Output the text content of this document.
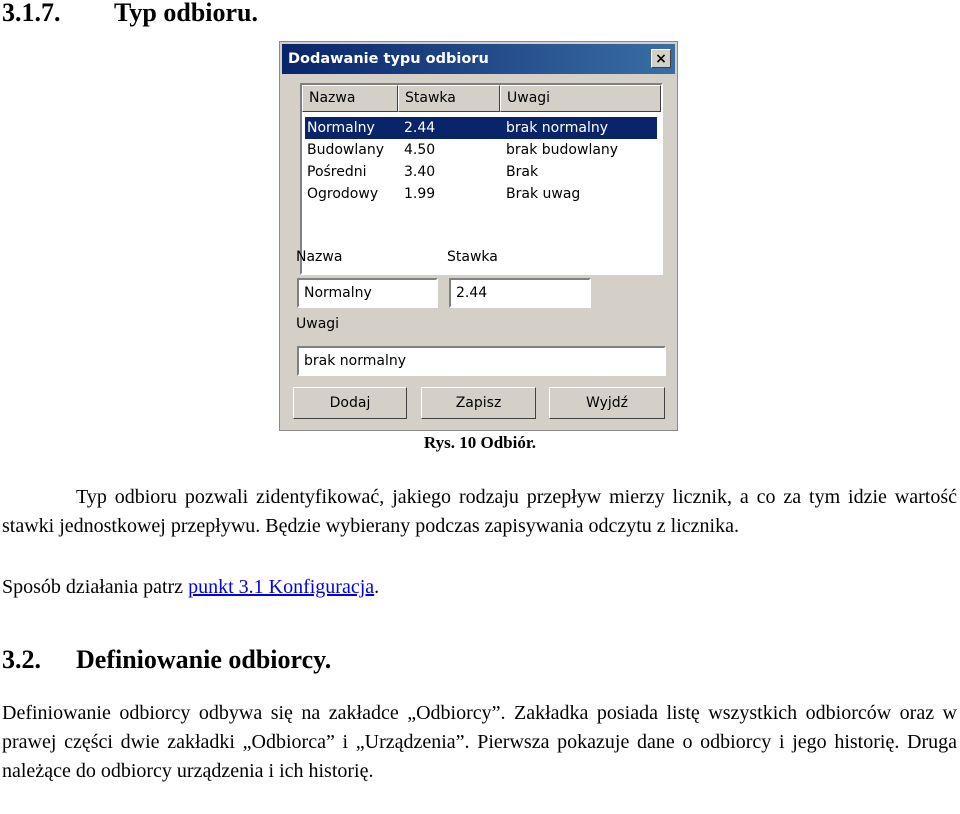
3.1.7. Typ odbioru.
Dodawanie typu odbioru	×
Nazwa	Stawka	Uwagi
Normalny 2.44	brak normalny
Budowlany 4.50	brak budowlany
Pośredni	3.40	Brak
Ogrodowy 1.99	Brak uwag
Nazwa	Stawka
Normalny	2.44
Uwagi
brak normalny
Dodaj	Zapisz	Wyjdź
Rys. 10 Odbiór.
Typ odbioru pozwali zidentyfikować, jakiego rodzaju przepływ mierzy licznik, a co za tym idzie wartość stawki jednostkowej przepływu. Będzie wybierany podczas zapisywania odczytu z licznika.
Sposób działania patrz punkt 3.1 Konfiguracja.
3.2. Definiowanie odbiorcy.
Definiowanie odbiorcy odbywa się na zakładce „Odbiorcy”. Zakładka posiada listę wszystkich odbiorców oraz w prawej części dwie zakładki „Odbiorca” i „Urządzenia”. Pierwsza pokazuje dane o odbiorcy i jego historię. Druga należące do odbiorcy urządzenia i ich historię.
